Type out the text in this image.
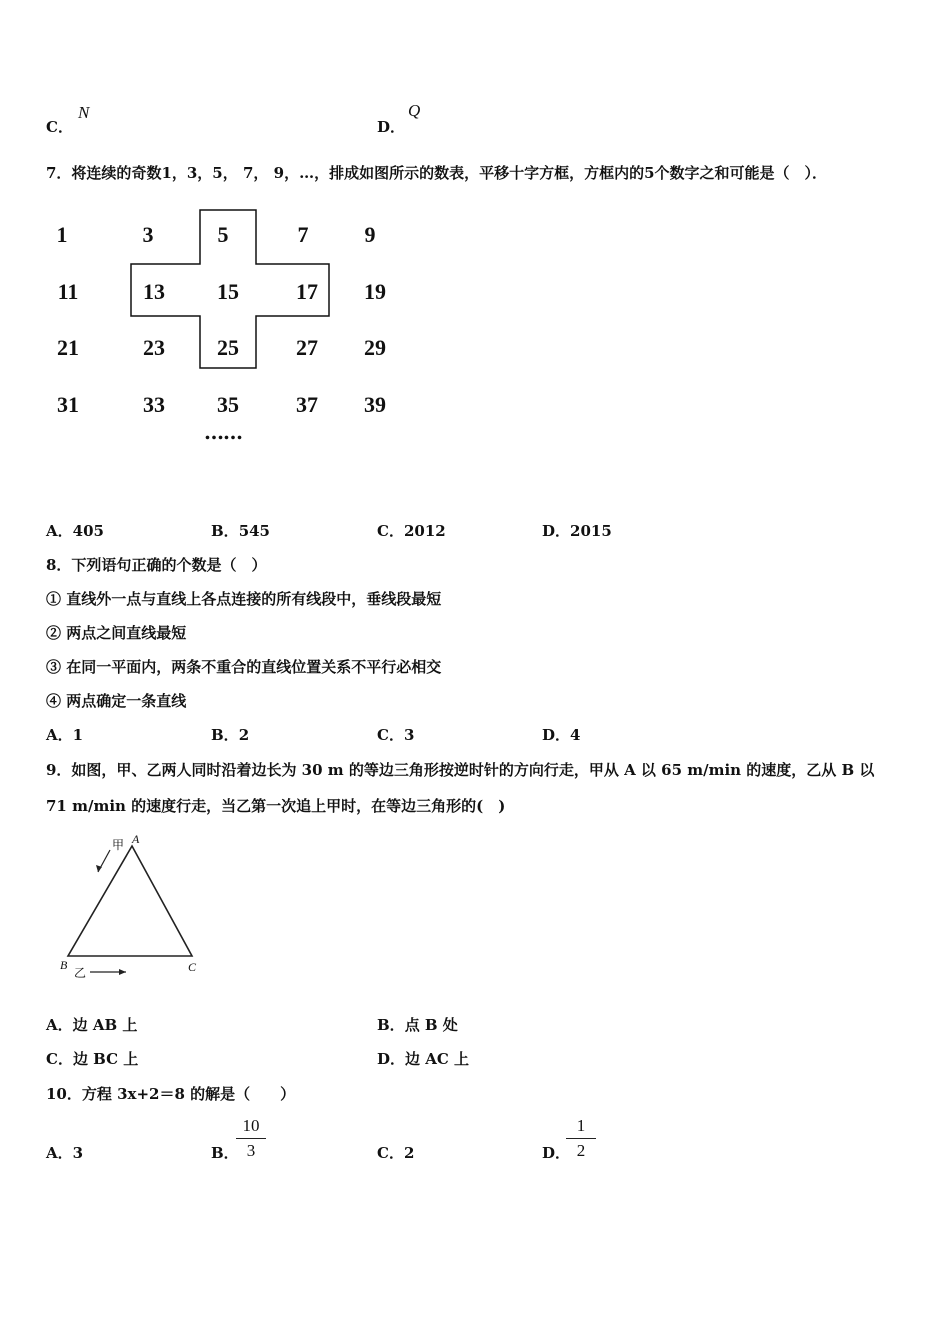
C．
N
D．
Q
7．将连续的奇数1，3，5， 7， 9，…，排成如图所示的数表，平移十字方框，方框内的5个数字之和可能是（　）．
1	3	5	7	9
11	13	15	17	19
21	23	25	27	29
31	33	35	37	39
……
A．405	B．545	C．2012	D．2015
8．下列语句正确的个数是（　）
① 直线外一点与直线上各点连接的所有线段中，垂线段最短
② 两点之间直线最短
③ 在同一平面内，两条不重合的直线位置关系不平行必相交
④ 两点确定一条直线
A．1	B．2	C．3	D．4
9．如图，甲、乙两人同时沿着边长为 30 m 的等边三角形按逆时针的方向行走，甲从 A 以 65 m/min 的速度，乙从 B 以
71 m/min 的速度行走，当乙第一次追上甲时，在等边三角形的(　)
A
B	C
甲
乙
A．边 AB 上	B．点 B 处
C．边 BC 上	D．边 AC 上
10．方程 3x+2＝8 的解是（　　）
A．3	B．
10
3	C．2	D．
1
2
